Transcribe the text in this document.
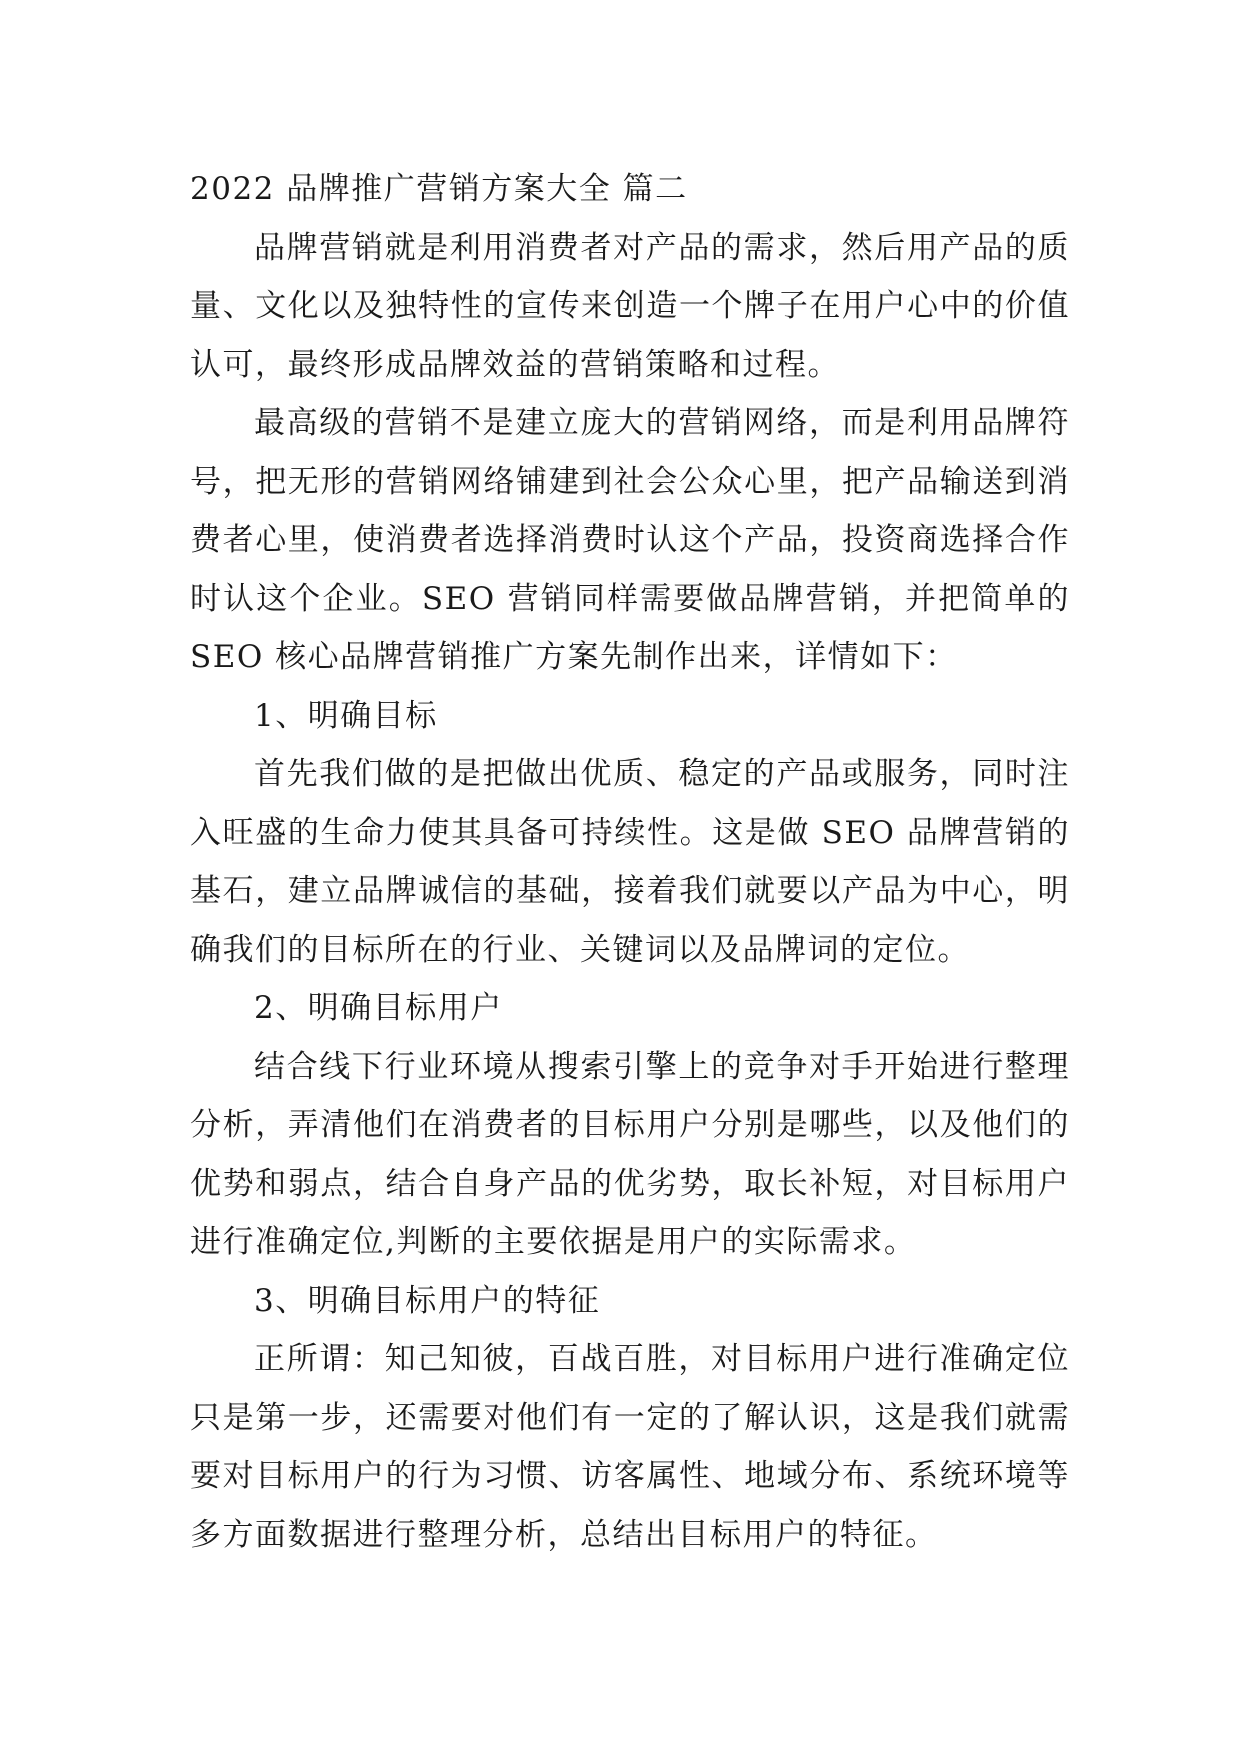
2022 品牌推广营销方案大全 篇二

品牌营销就是利用消费者对产品的需求，然后用产品的质量、文化以及独特性的宣传来创造一个牌子在用户心中的价值认可，最终形成品牌效益的营销策略和过程。

最高级的营销不是建立庞大的营销网络，而是利用品牌符号，把无形的营销网络铺建到社会公众心里，把产品输送到消费者心里，使消费者选择消费时认这个产品，投资商选择合作时认这个企业。SEO 营销同样需要做品牌营销，并把简单的 SEO 核心品牌营销推广方案先制作出来，详情如下：

1、明确目标

首先我们做的是把做出优质、稳定的产品或服务，同时注入旺盛的生命力使其具备可持续性。这是做 SEO 品牌营销的基石，建立品牌诚信的基础，接着我们就要以产品为中心，明确我们的目标所在的行业、关键词以及品牌词的定位。

2、明确目标用户

结合线下行业环境从搜索引擎上的竞争对手开始进行整理分析，弄清他们在消费者的目标用户分别是哪些，以及他们的优势和弱点，结合自身产品的优劣势，取长补短，对目标用户进行准确定位,判断的主要依据是用户的实际需求。

3、明确目标用户的特征

正所谓：知己知彼，百战百胜，对目标用户进行准确定位只是第一步，还需要对他们有一定的了解认识，这是我们就需要对目标用户的行为习惯、访客属性、地域分布、系统环境等多方面数据进行整理分析，总结出目标用户的特征。
